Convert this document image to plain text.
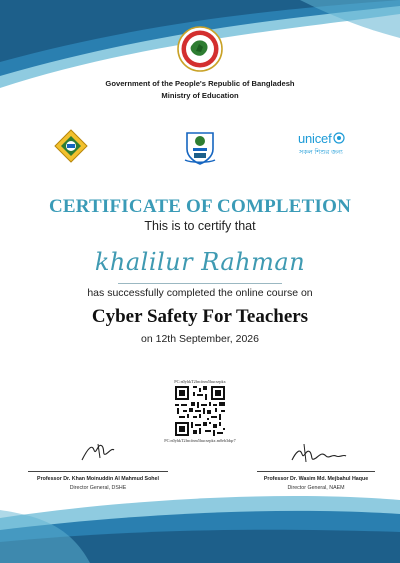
Government of the People's Republic of Bangladesh
Ministry of Education
unicef
সকল শিশুর জন্য
CERTIFICATE OF COMPLETION
This is to certify that
khalilur Rahman
has successfully completed the online course on
Cyber Safety For Teachers
on 12th September, 2026
PC:n0yhkT2fncfnm5hucsepkx
PC:n0yhkT2fncfnm5hucsepkx.m0eb3dqr7
Professor Dr. Khan Moinuddin Al Mahmud Sohel
Director General, DSHE
Professor Dr. Wasim Md. Mejbahul Haque
Director General, NAEM
